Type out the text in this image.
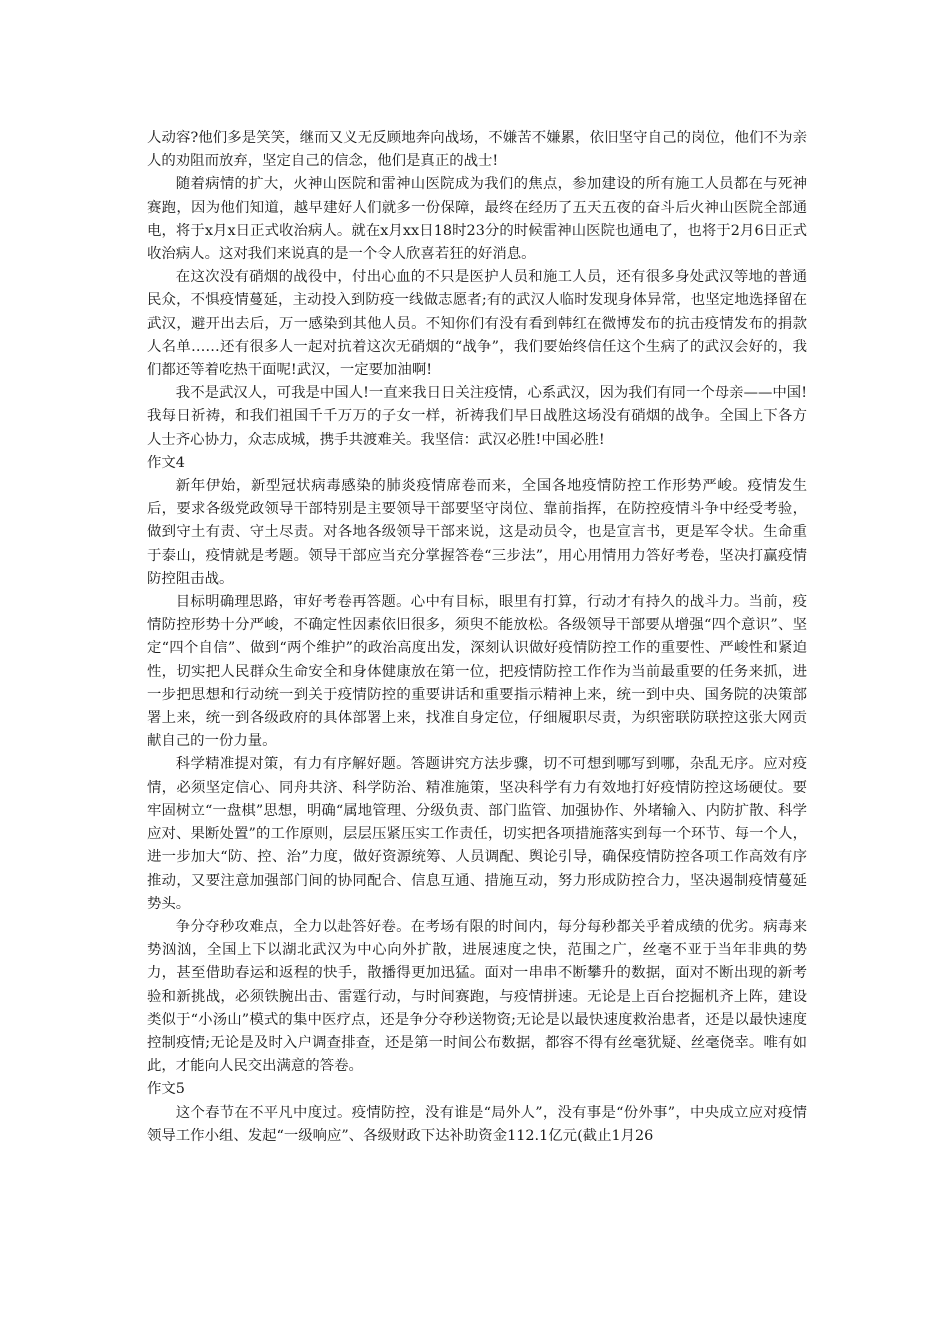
人动容?他们多是笑笑，继而又义无反顾地奔向战场，不嫌苦不嫌累，依旧坚守自己的岗位，他们不为亲人的劝阻而放弃，坚定自己的信念，他们是真正的战士!

随着病情的扩大，火神山医院和雷神山医院成为我们的焦点，参加建设的所有施工人员都在与死神赛跑，因为他们知道，越早建好人们就多一份保障，最终在经历了五天五夜的奋斗后火神山医院全部通电，将于x月x日正式收治病人。就在x月xx日18时23分的时候雷神山医院也通电了，也将于2月6日正式收治病人。这对我们来说真的是一个令人欣喜若狂的好消息。

在这次没有硝烟的战役中，付出心血的不只是医护人员和施工人员，还有很多身处武汉等地的普通民众，不惧疫情蔓延，主动投入到防疫一线做志愿者;有的武汉人临时发现身体异常，也坚定地选择留在武汉，避开出去后，万一感染到其他人员。不知你们有没有看到韩红在微博发布的抗击疫情发布的捐款人名单……还有很多人一起对抗着这次无硝烟的“战争”，我们要始终信任这个生病了的武汉会好的，我们都还等着吃热干面呢!武汉，一定要加油啊!

我不是武汉人，可我是中国人!一直来我日日关注疫情，心系武汉，因为我们有同一个母亲——中国!我每日祈祷，和我们祖国千千万万的子女一样，祈祷我们早日战胜这场没有硝烟的战争。全国上下各方人士齐心协力，众志成城，携手共渡难关。我坚信：武汉必胜!中国必胜!

作文4

新年伊始，新型冠状病毒感染的肺炎疫情席卷而来，全国各地疫情防控工作形势严峻。疫情发生后，要求各级党政领导干部特别是主要领导干部要坚守岗位、靠前指挥，在防控疫情斗争中经受考验，做到守土有责、守土尽责。对各地各级领导干部来说，这是动员令，也是宣言书，更是军令状。生命重于泰山，疫情就是考题。领导干部应当充分掌握答卷“三步法”，用心用情用力答好考卷，坚决打赢疫情防控阻击战。

目标明确理思路，审好考卷再答题。心中有目标，眼里有打算，行动才有持久的战斗力。当前，疫情防控形势十分严峻，不确定性因素依旧很多，须臾不能放松。各级领导干部要从增强“四个意识”、坚定“四个自信”、做到“两个维护”的政治高度出发，深刻认识做好疫情防控工作的重要性、严峻性和紧迫性，切实把人民群众生命安全和身体健康放在第一位，把疫情防控工作作为当前最重要的任务来抓，进一步把思想和行动统一到关于疫情防控的重要讲话和重要指示精神上来，统一到中央、国务院的决策部署上来，统一到各级政府的具体部署上来，找准自身定位，仔细履职尽责，为织密联防联控这张大网贡献自己的一份力量。

科学精准提对策，有力有序解好题。答题讲究方法步骤，切不可想到哪写到哪，杂乱无序。应对疫情，必须坚定信心、同舟共济、科学防治、精准施策，坚决科学有力有效地打好疫情防控这场硬仗。要牢固树立“一盘棋”思想，明确“属地管理、分级负责、部门监管、加强协作、外堵输入、内防扩散、科学应对、果断处置”的工作原则，层层压紧压实工作责任，切实把各项措施落实到每一个环节、每一个人，进一步加大“防、控、治”力度，做好资源统筹、人员调配、舆论引导，确保疫情防控各项工作高效有序推动，又要注意加强部门间的协同配合、信息互通、措施互动，努力形成防控合力，坚决遏制疫情蔓延势头。

争分夺秒攻难点，全力以赴答好卷。在考场有限的时间内，每分每秒都关乎着成绩的优劣。病毒来势汹汹，全国上下以湖北武汉为中心向外扩散，进展速度之快，范围之广，丝毫不亚于当年非典的势力，甚至借助春运和返程的快手，散播得更加迅猛。面对一串串不断攀升的数据，面对不断出现的新考验和新挑战，必须铁腕出击、雷霆行动，与时间赛跑，与疫情拼速。无论是上百台挖掘机齐上阵，建设类似于“小汤山”模式的集中医疗点，还是争分夺秒送物资;无论是以最快速度救治患者，还是以最快速度控制疫情;无论是及时入户调查排查，还是第一时间公布数据，都容不得有丝毫犹疑、丝毫侥幸。唯有如此，才能向人民交出满意的答卷。

作文5

这个春节在不平凡中度过。疫情防控，没有谁是“局外人”，没有事是“份外事”，中央成立应对疫情领导工作小组、发起“一级响应”、各级财政下达补助资金112.1亿元(截止1月26
